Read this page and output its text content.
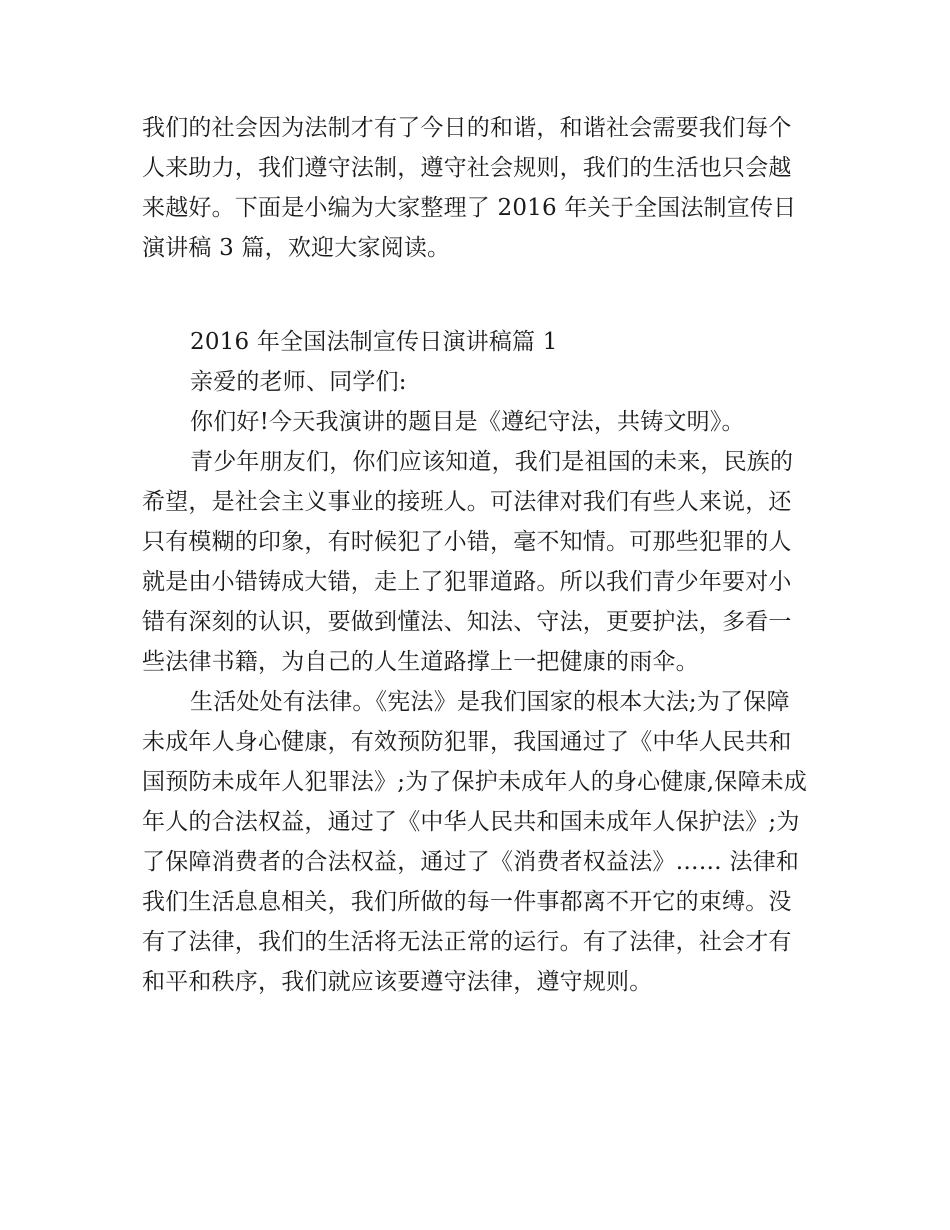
我们的社会因为法制才有了今日的和谐，和谐社会需要我们每个人来助力，我们遵守法制，遵守社会规则，我们的生活也只会越来越好。下面是小编为大家整理了 2016 年关于全国法制宣传日演讲稿 3 篇，欢迎大家阅读。

2016 年全国法制宣传日演讲稿篇 1

亲爱的老师、同学们:

你们好!今天我演讲的题目是《遵纪守法，共铸文明》。

青少年朋友们，你们应该知道，我们是祖国的未来，民族的希望，是社会主义事业的接班人。可法律对我们有些人来说，还只有模糊的印象，有时候犯了小错，毫不知情。可那些犯罪的人就是由小错铸成大错，走上了犯罪道路。所以我们青少年要对小错有深刻的认识，要做到懂法、知法、守法，更要护法，多看一些法律书籍，为自己的人生道路撑上一把健康的雨伞。

生活处处有法律。《宪法》是我们国家的根本大法;为了保障未成年人身心健康，有效预防犯罪，我国通过了《中华人民共和国预防未成年人犯罪法》;为了保护未成年人的身心健康,保障未成年人的合法权益，通过了《中华人民共和国未成年人保护法》;为了保障消费者的合法权益，通过了《消费者权益法》…… 法律和我们生活息息相关，我们所做的每一件事都离不开它的束缚。没有了法律，我们的生活将无法正常的运行。有了法律，社会才有和平和秩序，我们就应该要遵守法律，遵守规则。
